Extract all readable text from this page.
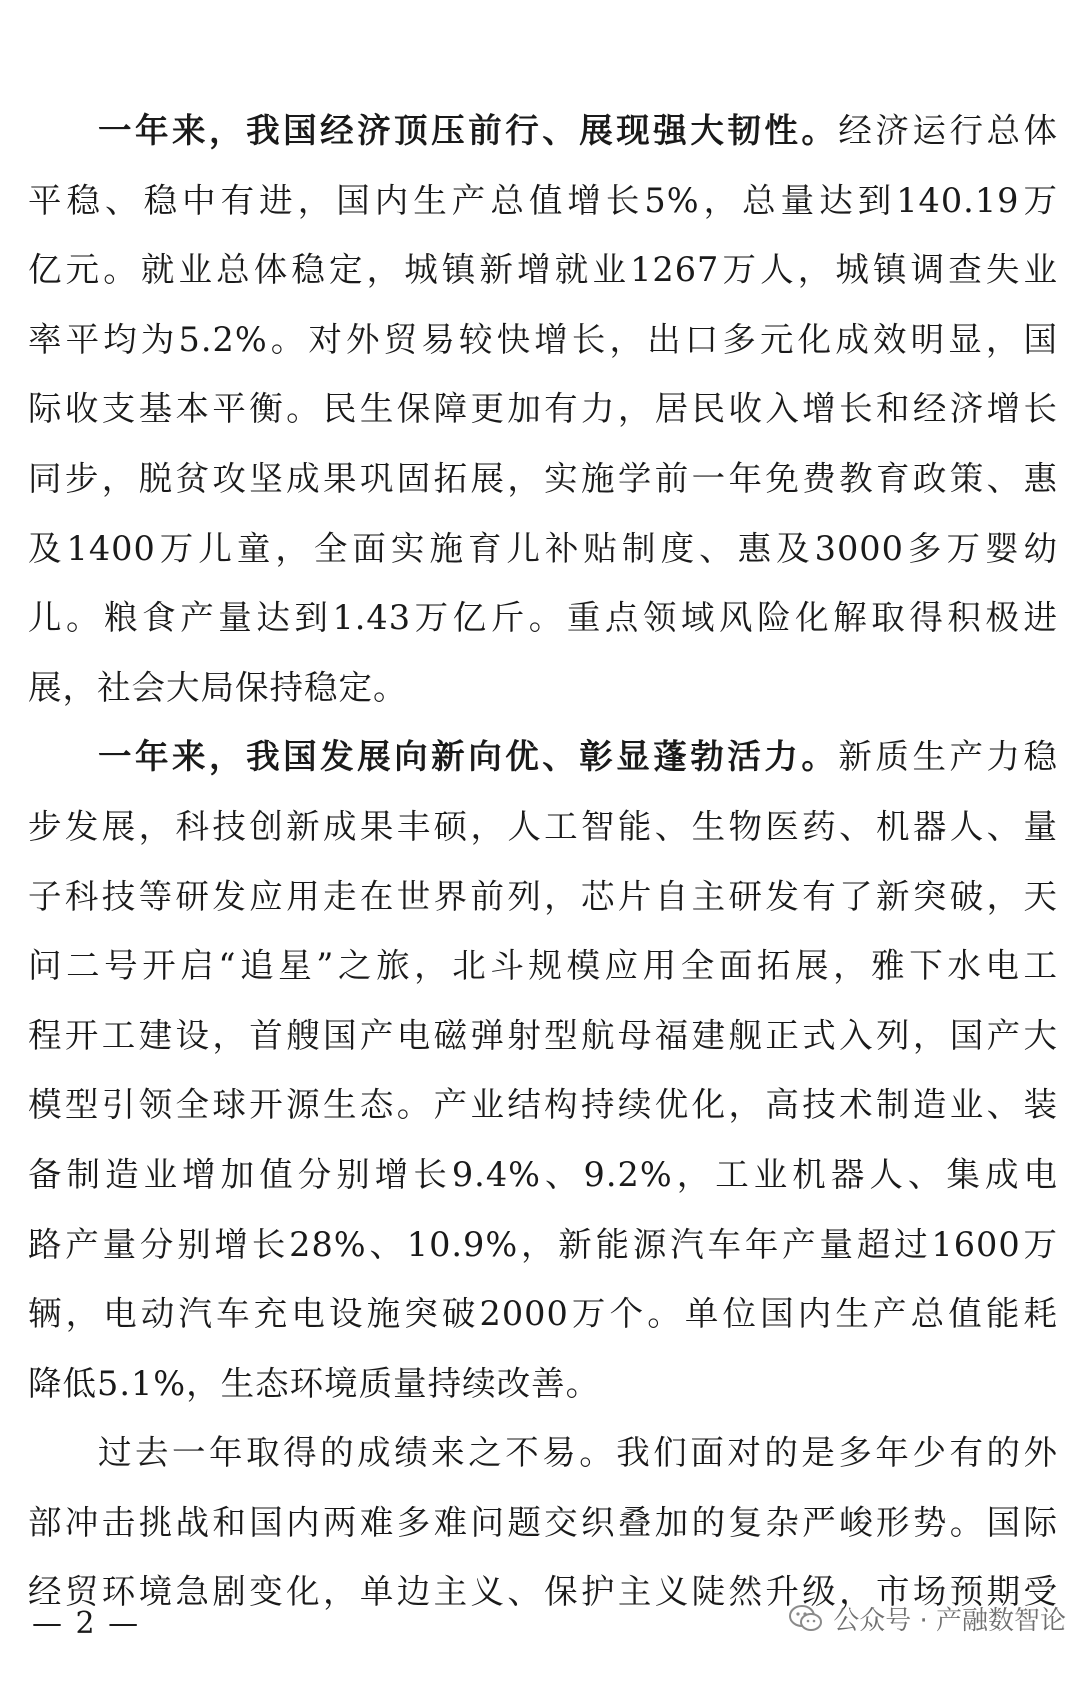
一年来，我国经济顶压前行、展现强大韧性。经济运行总体
平稳、稳中有进，国内生产总值增长5%，总量达到140.19万
亿元。就业总体稳定，城镇新增就业1267万人，城镇调查失业
率平均为5.2%。对外贸易较快增长，出口多元化成效明显，国
际收支基本平衡。民生保障更加有力，居民收入增长和经济增长
同步，脱贫攻坚成果巩固拓展，实施学前一年免费教育政策、惠
及1400万儿童，全面实施育儿补贴制度、惠及3000多万婴幼
儿。粮食产量达到1.43万亿斤。重点领域风险化解取得积极进
展，社会大局保持稳定。
一年来，我国发展向新向优、彰显蓬勃活力。新质生产力稳
步发展，科技创新成果丰硕，人工智能、生物医药、机器人、量
子科技等研发应用走在世界前列，芯片自主研发有了新突破，天
问二号开启“追星”之旅，北斗规模应用全面拓展，雅下水电工
程开工建设，首艘国产电磁弹射型航母福建舰正式入列，国产大
模型引领全球开源生态。产业结构持续优化，高技术制造业、装
备制造业增加值分别增长9.4%、9.2%，工业机器人、集成电
路产量分别增长28%、10.9%，新能源汽车年产量超过1600万
辆，电动汽车充电设施突破2000万个。单位国内生产总值能耗
降低5.1%，生态环境质量持续改善。
过去一年取得的成绩来之不易。我们面对的是多年少有的外
部冲击挑战和国内两难多难问题交织叠加的复杂严峻形势。国际
经贸环境急剧变化，单边主义、保护主义陡然升级，市场预期受
— 2 —	公众号 · 产融数智论
